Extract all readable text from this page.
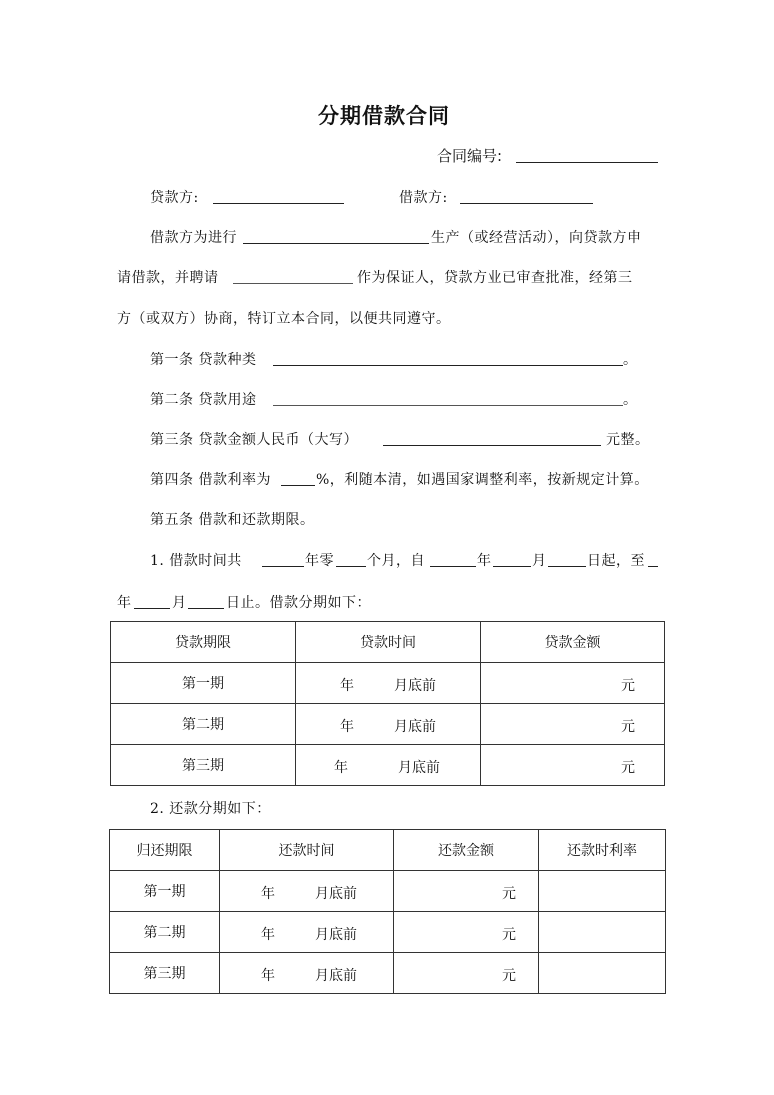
分期借款合同
合同编号:
贷款方:	借款方:
借款方为进行	生产（或经营活动），向贷款方申
请借款，并聘请	作为保证人，贷款方业已审查批准，经第三
方（或双方）协商，特订立本合同，以便共同遵守。
第一条 贷款种类	。
第二条 贷款用途	。
第三条 贷款金额人民币（大写）	元整。
第四条 借款利率为	%，利随本清，如遇国家调整利率，按新规定计算。
第五条 借款和还款期限。
1. 借款时间共	年零 个月，自	年	月	日起，至
年	月	日止。借款分期如下：
贷款期限	贷款时间	贷款金额
第一期	年 月底前	元

第二期	年 月底前	元

第三期	年 月底前	元
2. 还款分期如下：
归还期限	还款时间	还款金额	还款时利率
第一期	年 月底前	元	

第二期	年 月底前	元	

第三期	年 月底前	元	
